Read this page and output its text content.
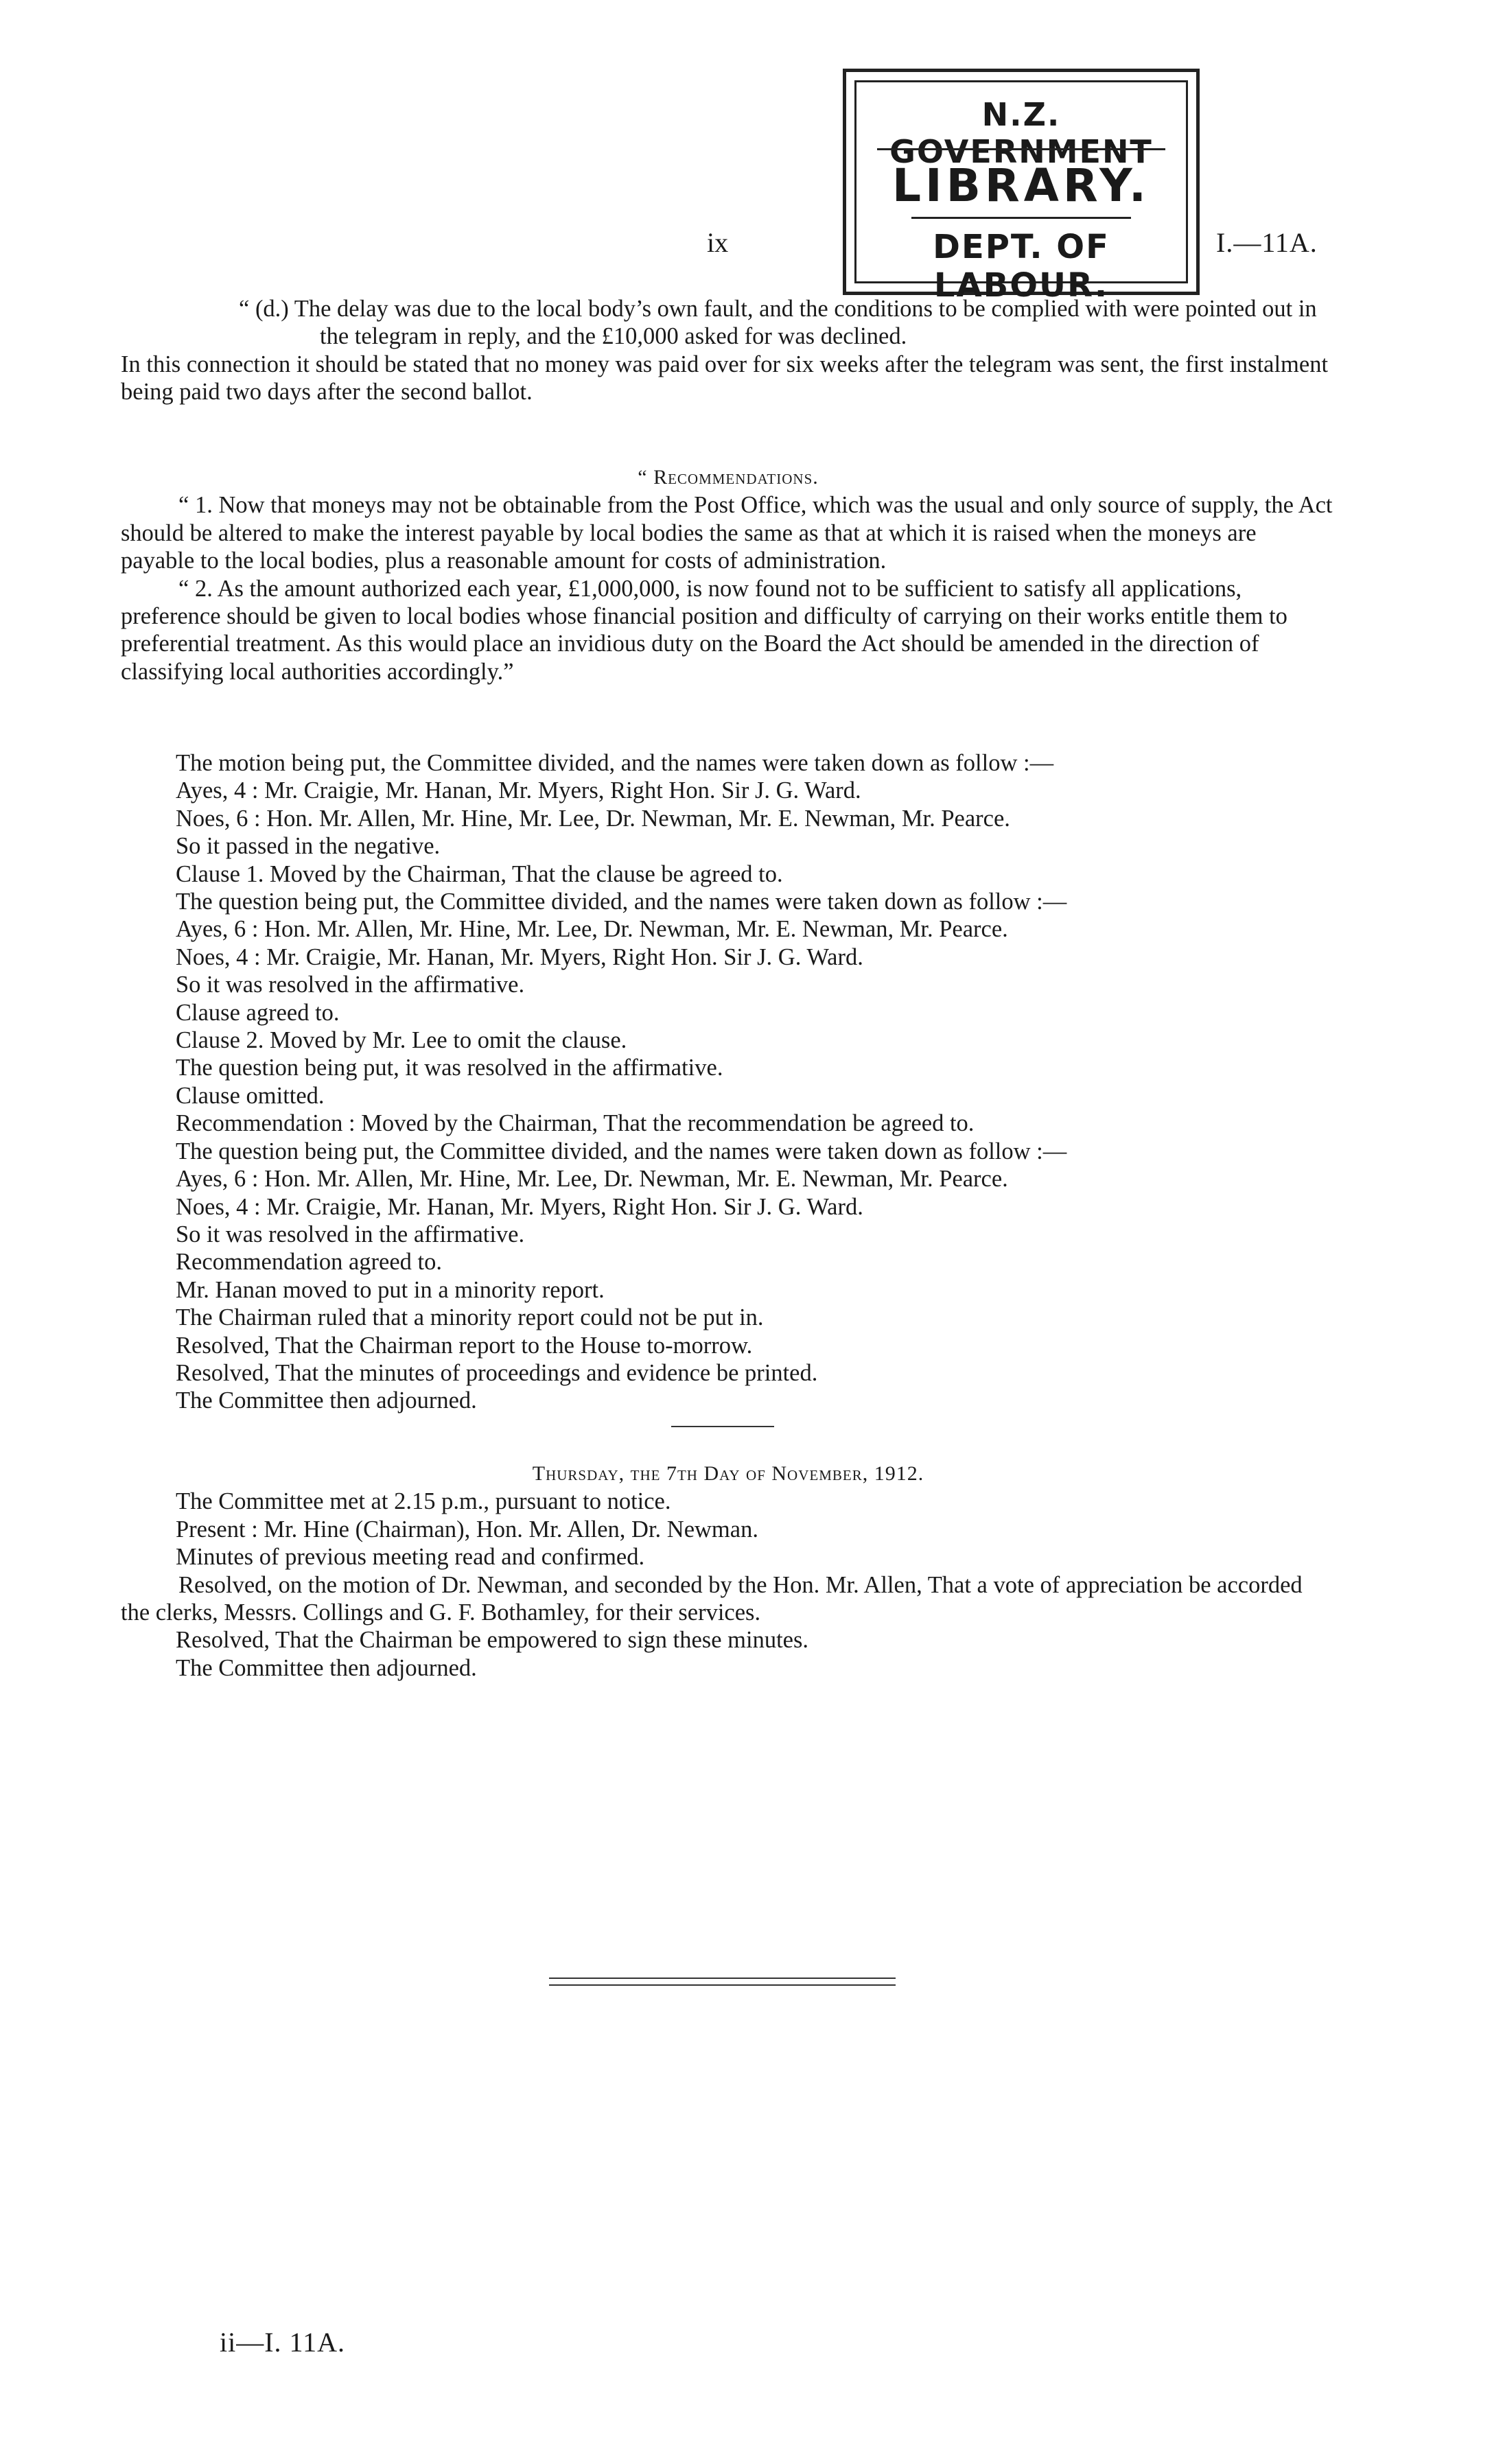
N.Z. GOVERNMENT
LIBRARY.
DEPT. OF LABOUR.
ix	I.—11A.

“ (d.) The delay was due to the local body’s own fault, and the conditions to be complied with were pointed out in the telegram in reply, and the £10,000 asked for was declined.

In this connection it should be stated that no money was paid over for six weeks after the telegram was sent, the first instalment being paid two days after the second ballot.

“ Recommendations.

“ 1. Now that moneys may not be obtainable from the Post Office, which was the usual and only source of supply, the Act should be altered to make the interest payable by local bodies the same as that at which it is raised when the moneys are payable to the local bodies, plus a reasonable amount for costs of administration.

“ 2. As the amount authorized each year, £1,000,000, is now found not to be sufficient to satisfy all applications, preference should be given to local bodies whose financial position and difficulty of carrying on their works entitle them to preferential treatment. As this would place an invidious duty on the Board the Act should be amended in the direction of classifying local authorities accordingly.”

The motion being put, the Committee divided, and the names were taken down as follow :—

Ayes, 4 : Mr. Craigie, Mr. Hanan, Mr. Myers, Right Hon. Sir J. G. Ward.

Noes, 6 : Hon. Mr. Allen, Mr. Hine, Mr. Lee, Dr. Newman, Mr. E. Newman, Mr. Pearce.

So it passed in the negative.

Clause 1. Moved by the Chairman, That the clause be agreed to.

The question being put, the Committee divided, and the names were taken down as follow :—

Ayes, 6 : Hon. Mr. Allen, Mr. Hine, Mr. Lee, Dr. Newman, Mr. E. Newman, Mr. Pearce.

Noes, 4 : Mr. Craigie, Mr. Hanan, Mr. Myers, Right Hon. Sir J. G. Ward.

So it was resolved in the affirmative.

Clause agreed to.

Clause 2. Moved by Mr. Lee to omit the clause.

The question being put, it was resolved in the affirmative.

Clause omitted.

Recommendation : Moved by the Chairman, That the recommendation be agreed to.

The question being put, the Committee divided, and the names were taken down as follow :—

Ayes, 6 : Hon. Mr. Allen, Mr. Hine, Mr. Lee, Dr. Newman, Mr. E. Newman, Mr. Pearce.

Noes, 4 : Mr. Craigie, Mr. Hanan, Mr. Myers, Right Hon. Sir J. G. Ward.

So it was resolved in the affirmative.

Recommendation agreed to.

Mr. Hanan moved to put in a minority report.

The Chairman ruled that a minority report could not be put in.

Resolved, That the Chairman report to the House to-morrow.

Resolved, That the minutes of proceedings and evidence be printed.

The Committee then adjourned.

Thursday, the 7th Day of November, 1912.

The Committee met at 2.15 p.m., pursuant to notice.

Present : Mr. Hine (Chairman), Hon. Mr. Allen, Dr. Newman.

Minutes of previous meeting read and confirmed.

Resolved, on the motion of Dr. Newman, and seconded by the Hon. Mr. Allen, That a vote of appreciation be accorded the clerks, Messrs. Collings and G. F. Bothamley, for their services.

Resolved, That the Chairman be empowered to sign these minutes.

The Committee then adjourned.

ii—I. 11A.
